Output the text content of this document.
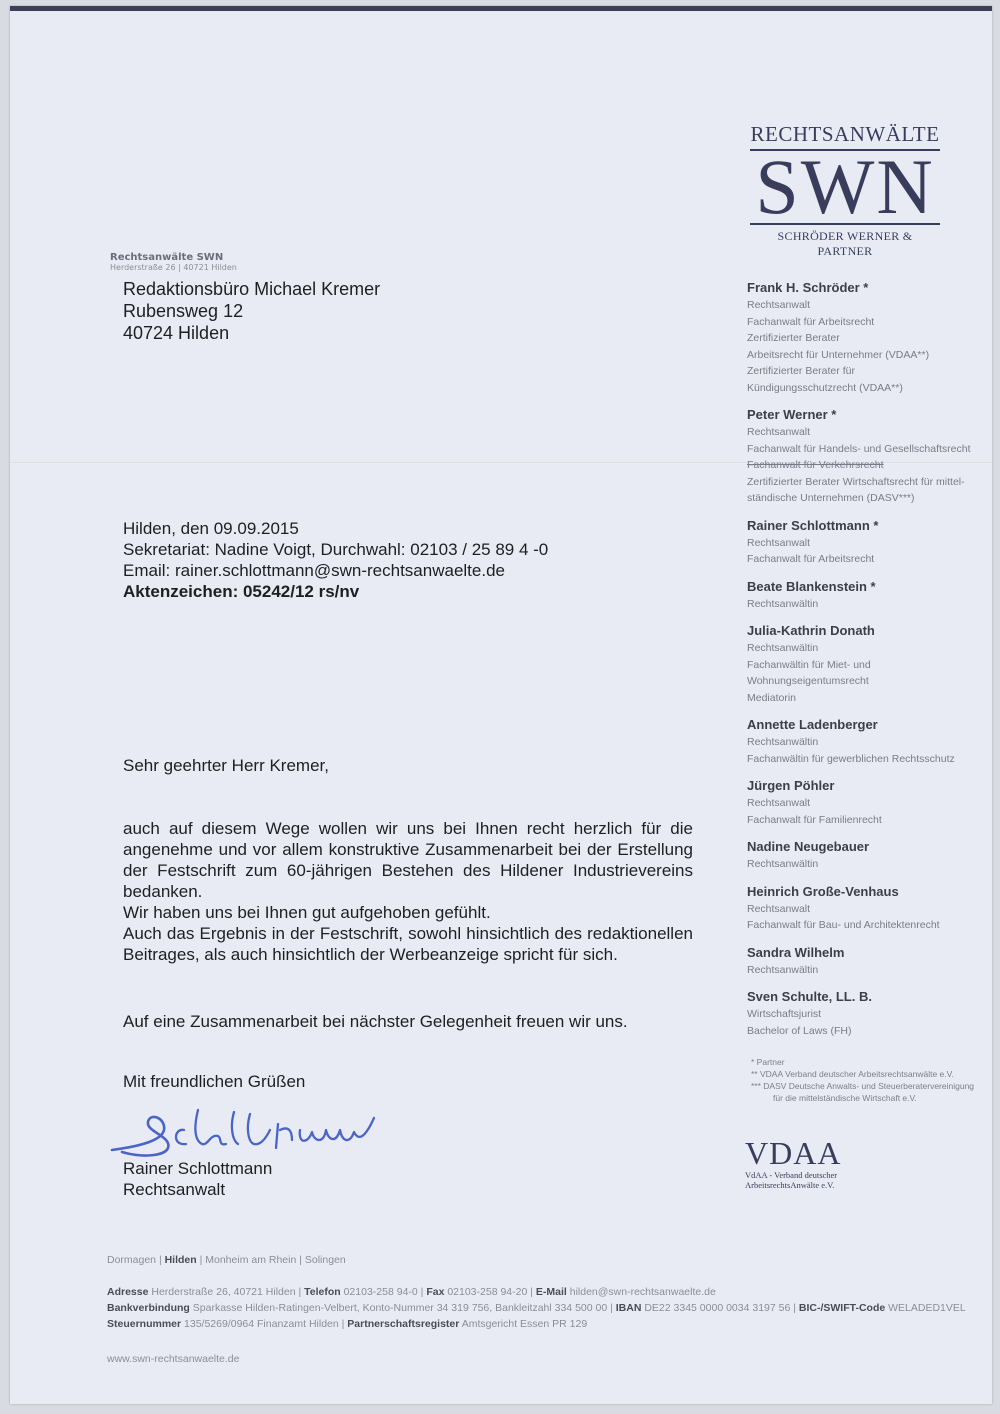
RECHTSANWÄLTE
SWN
SCHRÖDER WERNER & PARTNER
Rechtsanwälte SWN
Herderstraße 26 | 40721 Hilden
Redaktionsbüro Michael Kremer
Rubensweg 12
40724 Hilden
Hilden, den 09.09.2015
Sekretariat: Nadine Voigt, Durchwahl: 02103 / 25 89 4 -0
Email: rainer.schlottmann@swn-rechtsanwaelte.de
Aktenzeichen: 05242/12 rs/nv
Sehr geehrter Herr Kremer,

auch auf diesem Wege wollen wir uns bei Ihnen recht herzlich für die angenehme und vor allem konstruktive Zusammenarbeit bei der Erstellung der Festschrift zum 60-jährigen Bestehen des Hildener Industrievereins bedanken.

Wir haben uns bei Ihnen gut aufgehoben gefühlt.

Auch das Ergebnis in der Festschrift, sowohl hinsichtlich des redaktionellen Beitrages, als auch hinsichtlich der Werbeanzeige spricht für sich.

Auf eine Zusammenarbeit bei nächster Gelegenheit freuen wir uns.
Mit freundlichen Grüßen
Rainer Schlottmann
Rechtsanwalt
Frank H. Schröder *
Rechtsanwalt
Fachanwalt für Arbeitsrecht
Zertifizierter Berater
Arbeitsrecht für Unternehmer (VDAA**)
Zertifizierter Berater für
Kündigungsschutzrecht (VDAA**)
Peter Werner *
Rechtsanwalt
Fachanwalt für Handels- und Gesellschaftsrecht
Fachanwalt für Verkehrsrecht
Zertifizierter Berater Wirtschaftsrecht für mittel-
ständische Unternehmen (DASV***)
Rainer Schlottmann *
Rechtsanwalt
Fachanwalt für Arbeitsrecht
Beate Blankenstein *
Rechtsanwältin
Julia-Kathrin Donath
Rechtsanwältin
Fachanwältin für Miet- und Wohnungseigentumsrecht
Mediatorin
Annette Ladenberger
Rechtsanwältin
Fachanwältin für gewerblichen Rechtsschutz
Jürgen Pöhler
Rechtsanwalt
Fachanwalt für Familienrecht
Nadine Neugebauer
Rechtsanwältin
Heinrich Große-Venhaus
Rechtsanwalt
Fachanwalt für Bau- und Architektenrecht
Sandra Wilhelm
Rechtsanwältin
Sven Schulte, LL. B.
Wirtschaftsjurist
Bachelor of Laws (FH)
* Partner
** VDAA Verband deutscher Arbeitsrechtsanwälte e.V.
*** DASV Deutsche Anwalts- und Steuerberatervereinigung
für die mittelständische Wirtschaft e.V.
VDAA
VdAA - Verband deutscher
ArbeitsrechtsAnwälte e.V.
Dormagen | Hilden | Monheim am Rhein | Solingen
Adresse Herderstraße 26, 40721 Hilden | Telefon 02103-258 94-0 | Fax 02103-258 94-20 | E-Mail hilden@swn-rechtsanwaelte.de
Bankverbindung Sparkasse Hilden-Ratingen-Velbert, Konto-Nummer 34 319 756, Bankleitzahl 334 500 00 | IBAN DE22 3345 0000 0034 3197 56 | BIC-/SWIFT-Code WELADED1VEL
Steuernummer 135/5269/0964 Finanzamt Hilden | Partnerschaftsregister Amtsgericht Essen PR 129
www.swn-rechtsanwaelte.de
